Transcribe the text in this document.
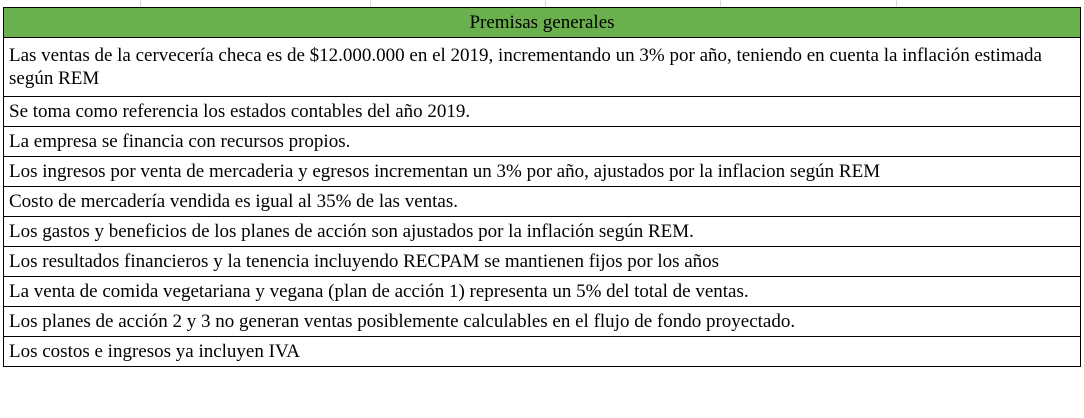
Premisas generales
Las ventas de la cervecería checa es de $12.000.000 en el 2019, incrementando un 3% por año, teniendo en cuenta la inflación estimada según REM
Se toma como referencia los estados contables del año 2019.
La empresa se financia con recursos propios.
Los ingresos por venta de mercaderia y egresos incrementan un 3% por año, ajustados por la inflacion según REM
Costo de mercadería vendida es igual al 35% de las ventas.
Los gastos y beneficios de los planes de acción son ajustados por la inflación según REM.
Los resultados financieros y la tenencia incluyendo RECPAM se mantienen fijos por los años
La venta de comida vegetariana y vegana (plan de acción 1) representa un 5% del total de ventas.
Los planes de acción 2 y 3 no generan ventas posiblemente calculables en el flujo de fondo proyectado.
Los costos e ingresos ya incluyen IVA
